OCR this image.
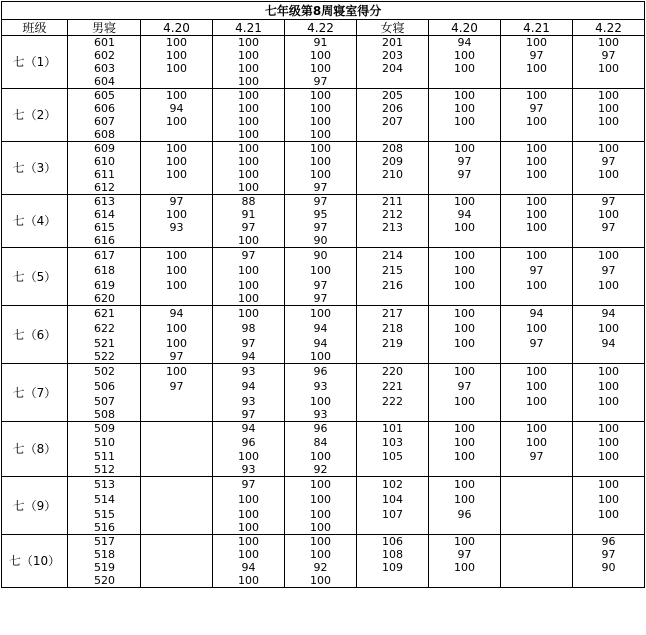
七年级第8周寝室得分								
班级	男寝	4.20	4.21	4.22	女寝	4.20	4.21	4.22
七（1）	601	100	100	91	201	94	100	100
	602	100	100	100	203	100	97	97
	603	100	100	100	204	100	100	100
	604		100	97				
七（2）	605	100	100	100	205	100	100	100
	606	94	100	100	206	100	97	100
	607	100	100	100	207	100	100	100
	608		100	100				
七（3）	609	100	100	100	208	100	100	100
	610	100	100	100	209	97	100	97
	611	100	100	100	210	97	100	100
	612		100	97				
七（4）	613	97	88	97	211	100	100	97
	614	100	91	95	212	94	100	100
	615	93	97	97	213	100	100	97
	616		100	90				
七（5）	617	100	97	90	214	100	100	100
	618	100	100	100	215	100	97	97
	619	100	100	97	216	100	100	100
	620		100	97				
七（6）	621	94	100	100	217	100	94	94
	622	100	98	94	218	100	100	100
	521	100	97	94	219	100	97	94
	522	97	94	100				
七（7）	502	100	93	96	220	100	100	100
	506	97	94	93	221	97	100	100
	507		93	100	222	100	100	100
	508		97	93				
七（8）	509		94	96	101	100	100	100
	510		96	84	103	100	100	100
	511		100	100	105	100	97	100
	512		93	92				
七（9）	513		97	100	102	100		100
	514		100	100	104	100		100
	515		100	100	107	96		100
	516		100	100				
七（10）	517		100	100	106	100		96
	518		100	100	108	97		97
	519		94	92	109	100		90
	520		100	100				
